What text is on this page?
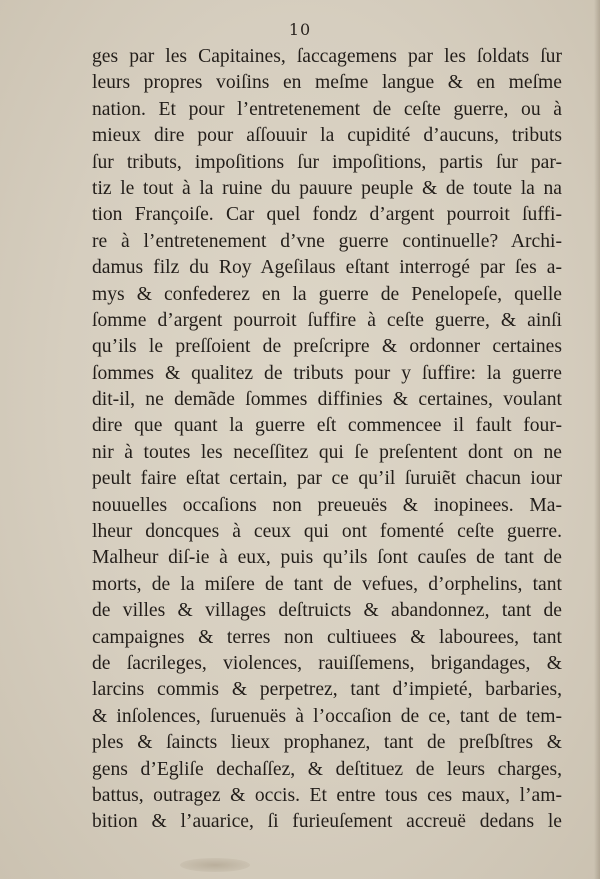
10
ges par les Capitaines, ſaccagemens par les ſoldats ſur
leurs propres voiſins en meſme langue & en meſme
nation. Et pour l’entretenement de ceſte guerre, ou à
mieux dire pour aſſouuir la cupidité d’aucuns, tributs
ſur tributs, impoſitions ſur impoſitions, partis ſur par-
tiz le tout à la ruine du pauure peuple & de toute la na
tion Françoiſe. Car quel fondz d’argent pourroit ſuffi-
re à l’entretenement d’vne guerre continuelle? Archi-
damus filz du Roy Ageſilaus eſtant interrogé par ſes a-
mys & confederez en la guerre de Penelopeſe, quelle
ſomme d’argent pourroit ſuffire à ceſte guerre, & ainſi
qu’ils le preſſoient de preſcripre & ordonner certaines
ſommes & qualitez de tributs pour y ſuffire: la guerre
dit-il, ne demãde ſommes diffinies & certaines, voulant
dire que quant la guerre eſt commencee il fault four-
nir à toutes les neceſſitez qui ſe preſentent dont on ne
peult faire eſtat certain, par ce qu’il ſuruiẽt chacun iour
nouuelles occaſions non preueuës & inopinees. Ma-
lheur doncques à ceux qui ont fomenté ceſte guerre.
Malheur diſ-ie à eux, puis qu’ils ſont cauſes de tant de
morts, de la miſere de tant de vefues, d’orphelins, tant
de villes & villages deſtruicts & abandonnez, tant de
campaignes & terres non cultiuees & labourees, tant
de ſacrileges, violences, rauiſſemens, brigandages, &
larcins commis & perpetrez, tant d’impieté, barbaries,
& inſolences, ſuruenuës à l’occaſion de ce, tant de tem-
ples & ſaincts lieux prophanez, tant de preſbſtres &
gens d’Egliſe dechaſſez, & deſtituez de leurs charges,
battus, outragez & occis. Et entre tous ces maux, l’am-
bition & l’auarice, ſi furieuſement accreuë dedans le
